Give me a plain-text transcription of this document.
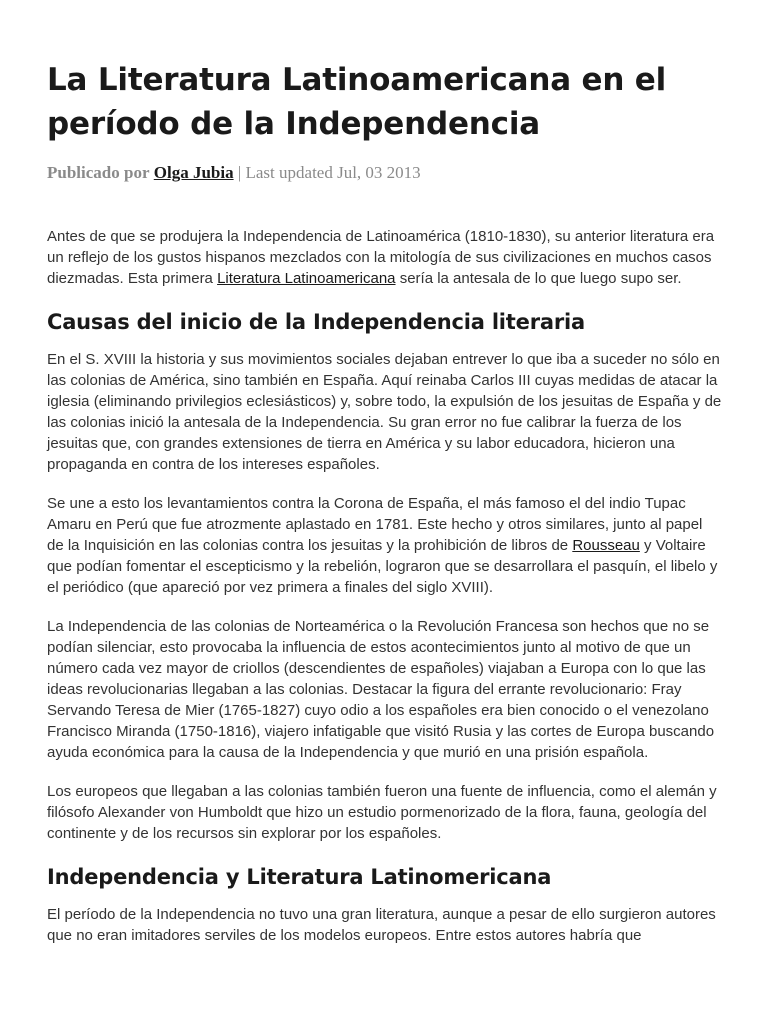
La Literatura Latinoamericana en el período de la Independencia
Publicado por Olga Jubia | Last updated Jul, 03 2013

Antes de que se produjera la Independencia de Latinoamérica (1810-1830), su anterior literatura era un reflejo de los gustos hispanos mezclados con la mitología de sus civilizaciones en muchos casos diezmadas. Esta primera Literatura Latinoamericana sería la antesala de lo que luego supo ser.

Causas del inicio de la Independencia literaria

En el S. XVIII la historia y sus movimientos sociales dejaban entrever lo que iba a suceder no sólo en las colonias de América, sino también en España. Aquí reinaba Carlos III cuyas medidas de atacar la iglesia (eliminando privilegios eclesiásticos) y, sobre todo, la expulsión de los jesuitas de España y de las colonias inició la antesala de la Independencia. Su gran error no fue calibrar la fuerza de los jesuitas que, con grandes extensiones de tierra en América y su labor educadora, hicieron una propaganda en contra de los intereses españoles.

Se une a esto los levantamientos contra la Corona de España, el más famoso el del indio Tupac Amaru en Perú que fue atrozmente aplastado en 1781. Este hecho y otros similares, junto al papel de la Inquisición en las colonias contra los jesuitas y la prohibición de libros de Rousseau y Voltaire que podían fomentar el escepticismo y la rebelión, lograron que se desarrollara el pasquín, el libelo y el periódico (que apareció por vez primera a finales del siglo XVIII).

La Independencia de las colonias de Norteamérica o la Revolución Francesa son hechos que no se podían silenciar, esto provocaba la influencia de estos acontecimientos junto al motivo de que un número cada vez mayor de criollos (descendientes de españoles) viajaban a Europa con lo que las ideas revolucionarias llegaban a las colonias. Destacar la figura del errante revolucionario: Fray Servando Teresa de Mier (1765-1827) cuyo odio a los españoles era bien conocido o el venezolano Francisco Miranda (1750-1816), viajero infatigable que visitó Rusia y las cortes de Europa buscando ayuda económica para la causa de la Independencia y que murió en una prisión española.

Los europeos que llegaban a las colonias también fueron una fuente de influencia, como el alemán y filósofo Alexander von Humboldt que hizo un estudio pormenorizado de la flora, fauna, geología del continente y de los recursos sin explorar por los españoles.

Independencia y Literatura Latinomericana

El período de la Independencia no tuvo una gran literatura, aunque a pesar de ello surgieron autores que no eran imitadores serviles de los modelos europeos. Entre estos autores habría que
